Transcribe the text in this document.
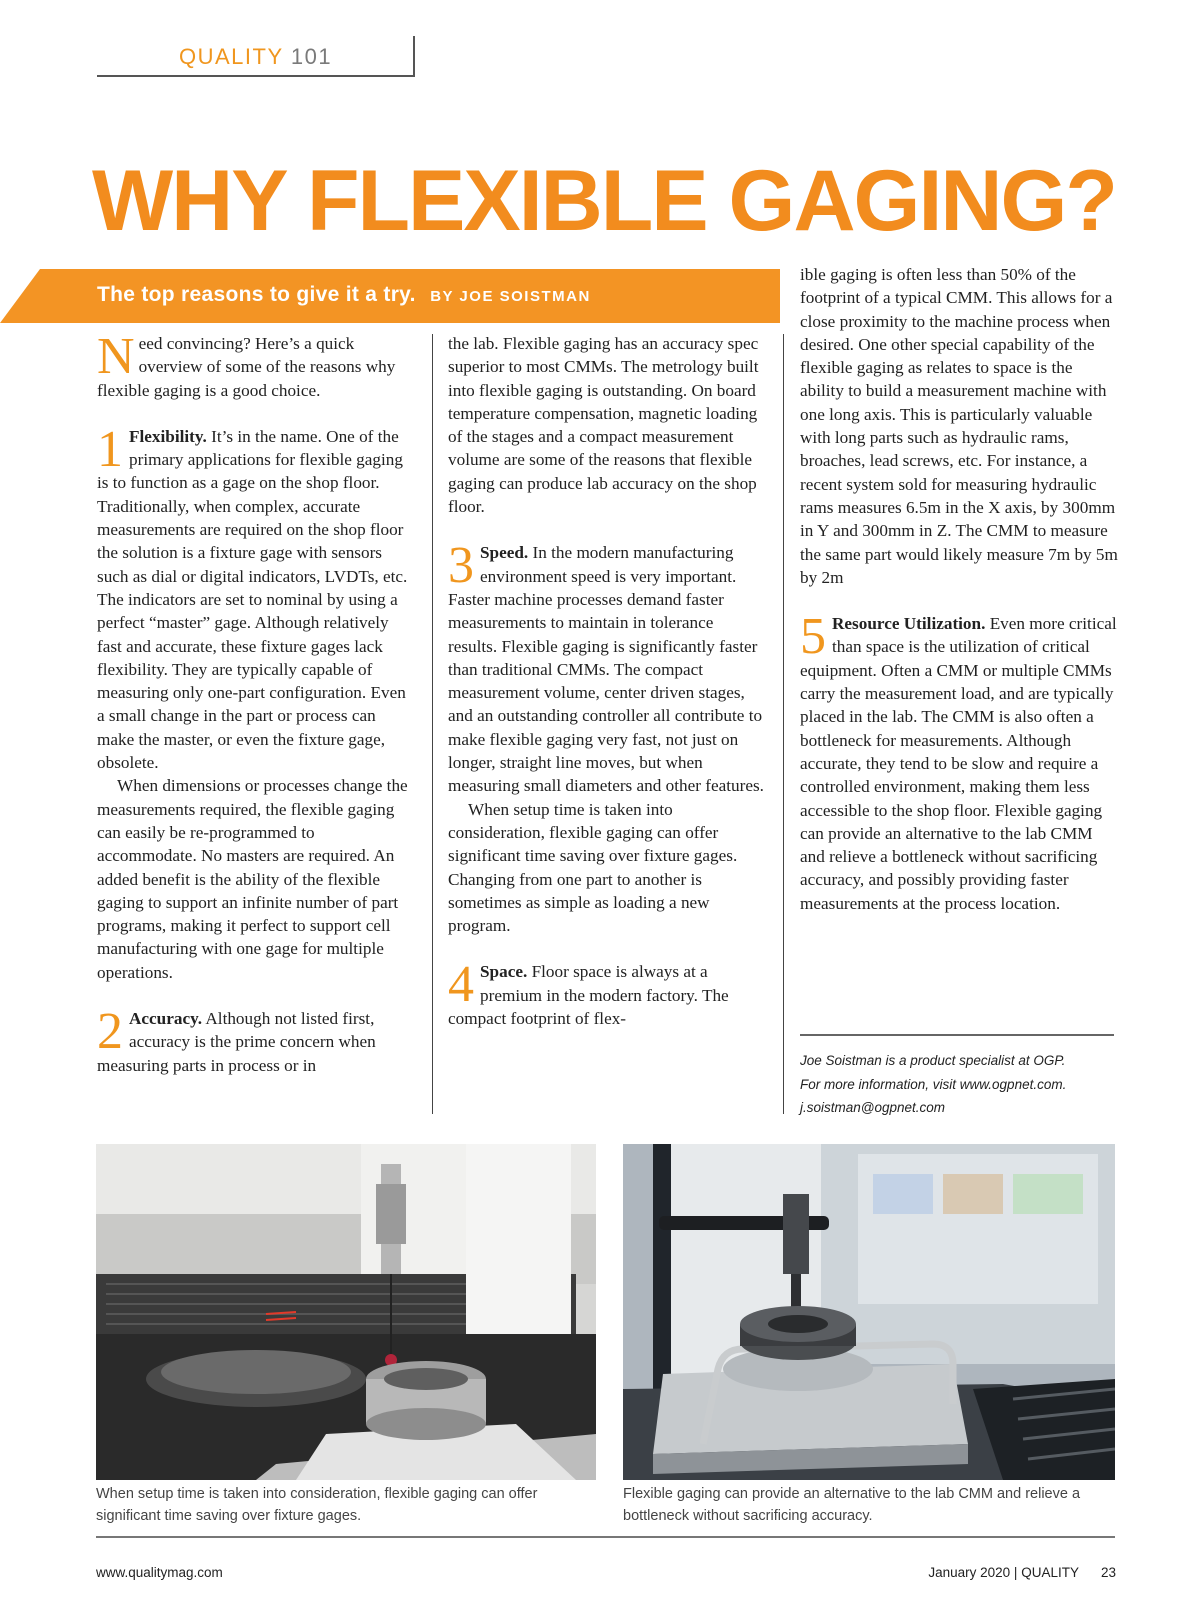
QUALITY 101
WHY FLEXIBLE GAGING?
The top reasons to give it a try. BY JOE SOISTMAN

Need convincing? Here’s a quick overview of some of the reasons why flexible gaging is a good choice.

1 Flexibility. It’s in the name. One of the primary applications for flexible gaging is to function as a gage on the shop floor. Traditionally, when complex, accurate measurements are required on the shop floor the solution is a fixture gage with sensors such as dial or digital indicators, LVDTs, etc. The indicators are set to nominal by using a perfect “master” gage. Although relatively fast and accurate, these fixture gages lack flexibility. They are typically capable of measuring only one-part configuration. Even a small change in the part or process can make the master, or even the fixture gage, obsolete.

When dimensions or processes change the measurements required, the flexible gaging can easily be re-programmed to accommodate. No masters are required. An added benefit is the ability of the flexible gaging to support an infinite number of part programs, making it perfect to support cell manufacturing with one gage for multiple operations.

2 Accuracy. Although not listed first, accuracy is the prime concern when measuring parts in process or in

the lab. Flexible gaging has an accuracy spec superior to most CMMs. The metrology built into flexible gaging is outstanding. On board temperature compensation, magnetic loading of the stages and a compact measurement volume are some of the reasons that flexible gaging can produce lab accuracy on the shop floor.

3 Speed. In the modern manufacturing environment speed is very important. Faster machine processes demand faster measurements to maintain in tolerance results. Flexible gaging is significantly faster than traditional CMMs. The compact measurement volume, center driven stages, and an outstanding controller all contribute to make flexible gaging very fast, not just on longer, straight line moves, but when measuring small diameters and other features.

When setup time is taken into consideration, flexible gaging can offer significant time saving over fixture gages. Changing from one part to another is sometimes as simple as loading a new program.

4 Space. Floor space is always at a premium in the modern factory. The compact footprint of flex-

ible gaging is often less than 50% of the footprint of a typical CMM. This allows for a close proximity to the machine process when desired. One other special capability of the flexible gaging as relates to space is the ability to build a measurement machine with one long axis. This is particularly valuable with long parts such as hydraulic rams, broaches, lead screws, etc. For instance, a recent system sold for measuring hydraulic rams measures 6.5m in the X axis, by 300mm in Y and 300mm in Z. The CMM to measure the same part would likely measure 7m by 5m by 2m

5 Resource Utilization. Even more critical than space is the utilization of critical equipment. Often a CMM or multiple CMMs carry the measurement load, and are typically placed in the lab. The CMM is also often a bottleneck for measurements. Although accurate, they tend to be slow and require a controlled environment, making them less accessible to the shop floor. Flexible gaging can provide an alternative to the lab CMM and relieve a bottleneck without sacrificing accuracy, and possibly providing faster measurements at the process location.

Joe Soistman is a product specialist at OGP.
For more information, visit www.ogpnet.com.
j.soistman@ogpnet.com
When setup time is taken into consideration, flexible gaging can offer significant time saving over fixture gages.
Flexible gaging can provide an alternative to the lab CMM and relieve a bottleneck without sacrificing accuracy.
www.qualitymag.com	January 2020 | QUALITY 23
